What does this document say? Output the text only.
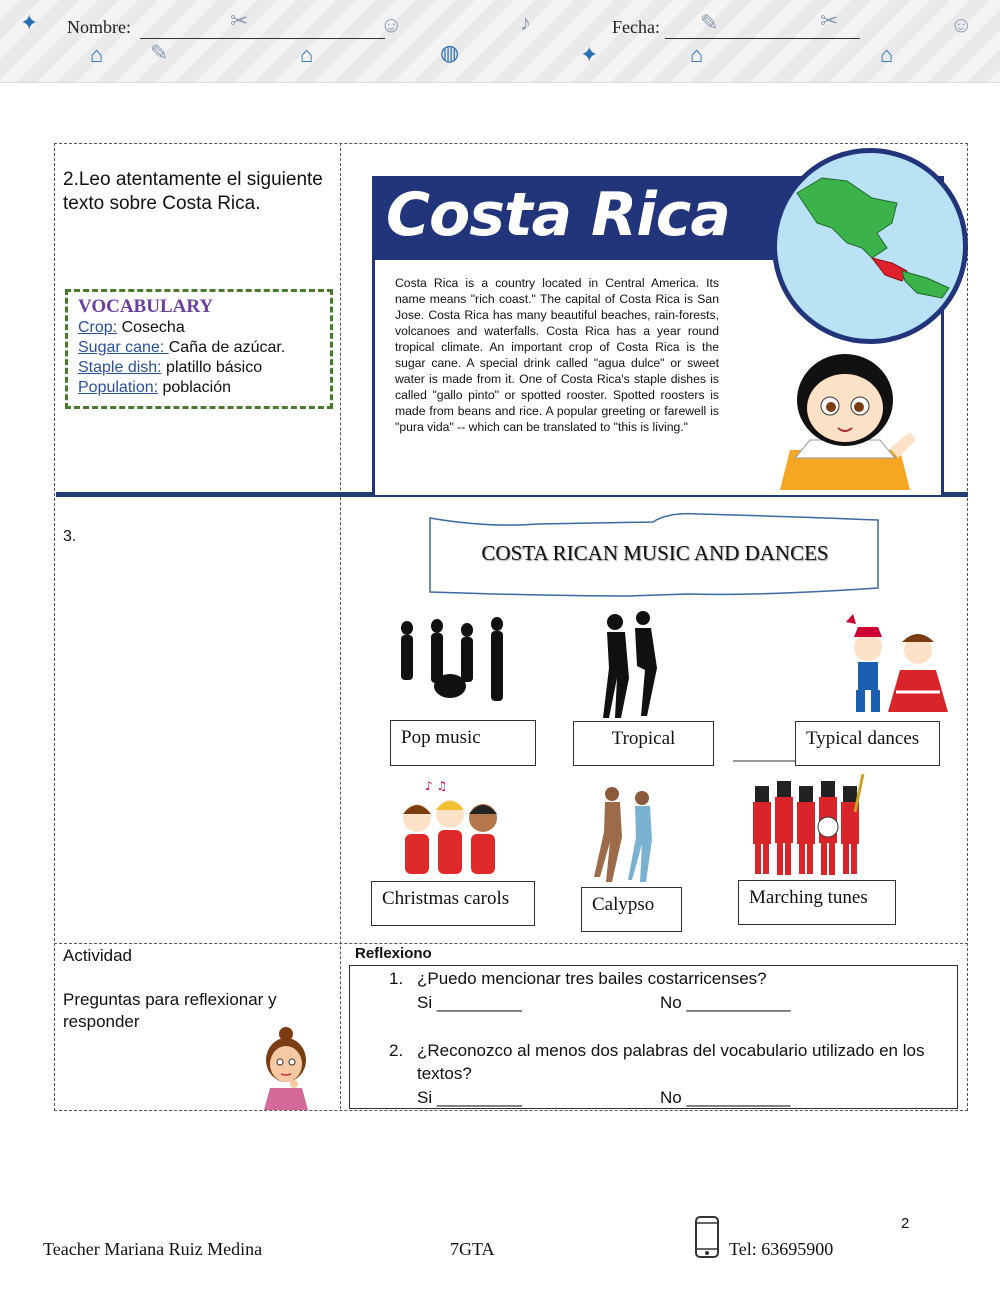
✦
✎
⌂
✂
⌂
☺
◍
♪
✦
✎
⌂
✂
⌂
☺
Nombre:	Fecha:
2.Leo atentamente el siguiente texto sobre Costa Rica.
VOCABULARY
Crop: Cosecha
Sugar cane: Caña de azúcar.
Staple dish: platillo básico
Population: población
Costa Rica
Costa Rica is a country located in Central America. Its name means "rich coast." The capital of Costa Rica is San Jose. Costa Rica has many beautiful beaches, rain-forests, volcanoes and waterfalls. Costa Rica has a year round tropical climate. An important crop of Costa Rica is the sugar cane. A special drink called "agua dulce" or sweet water is made from it. One of Costa Rica's staple dishes is called "gallo pinto" or spotted rooster. Spotted roosters is made from beans and rice. A popular greeting or farewell is "pura vida" -- which can be translated to "this is living."
3.
COSTA RICAN MUSIC AND DANCES
♪ ♫
Pop music	Tropical	Typical dances
Christmas carols	Calypso	Marching tunes
Actividad
Preguntas para reflexionar y responder
Reflexiono
1. ¿Puedo mencionar tres bailes costarricenses?
Si _________	No ___________
2. ¿Reconozco al menos dos palabras del vocabulario utilizado en los textos?
Si _________	No ___________
2
Teacher Mariana Ruiz Medina	7GTA	Tel: 63695900
